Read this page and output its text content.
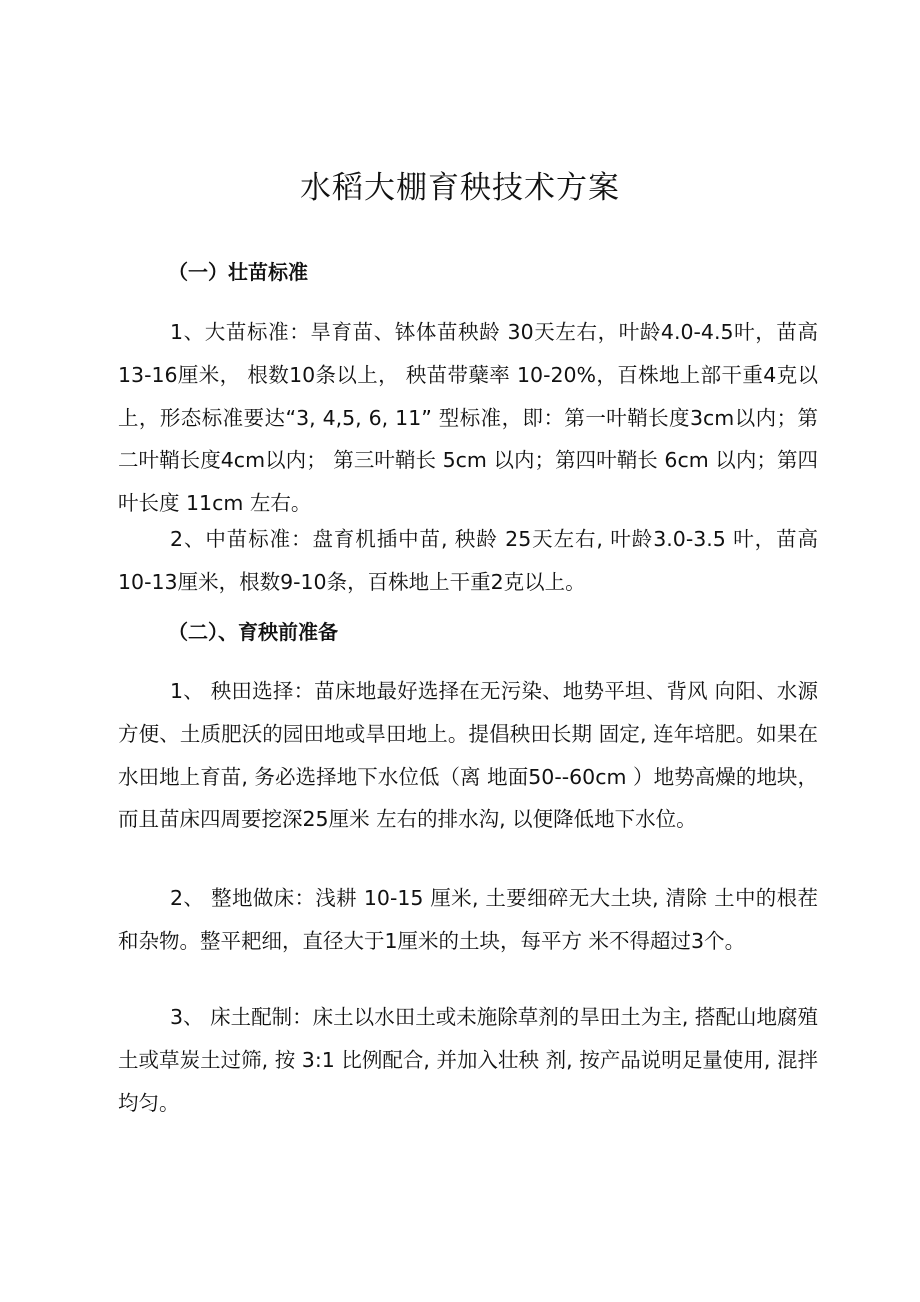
水稻大棚育秧技术方案
（一）壮苗标准

1、大苗标准：旱育苗、钵体苗秧龄 30天左右，叶龄4.0-4.5叶，苗高13-16厘米， 根数10条以上， 秧苗带蘖率 10-20%，百株地上部干重4克以上，形态标准要达“3, 4,5, 6, 11” 型标准，即：第一叶鞘长度3cm以内；第二叶鞘长度4cm以内； 第三叶鞘长 5cm 以内；第四叶鞘长 6cm 以内；第四叶长度 11cm 左右。

2、中苗标准：盘育机插中苗, 秧龄 25天左右, 叶龄3.0-3.5 叶，苗高10-13厘米，根数9-10条，百株地上干重2克以上。

（二）、育秧前准备

1、 秧田选择：苗床地最好选择在无污染、地势平坦、背风 向阳、水源方便、土质肥沃的园田地或旱田地上。提倡秧田长期 固定, 连年培肥。如果在水田地上育苗, 务必选择地下水位低（离 地面50--60cm ）地势高燥的地块，而且苗床四周要挖深25厘米 左右的排水沟, 以便降低地下水位。

2、 整地做床：浅耕 10-15 厘米, 土要细碎无大土块, 清除 土中的根茬和杂物。整平耙细，直径大于1厘米的土块，每平方 米不得超过3个。

3、 床土配制：床土以水田土或未施除草剂的旱田土为主, 搭配山地腐殖土或草炭土过筛, 按 3:1 比例配合, 并加入壮秧 剂, 按产品说明足量使用, 混拌均匀。
